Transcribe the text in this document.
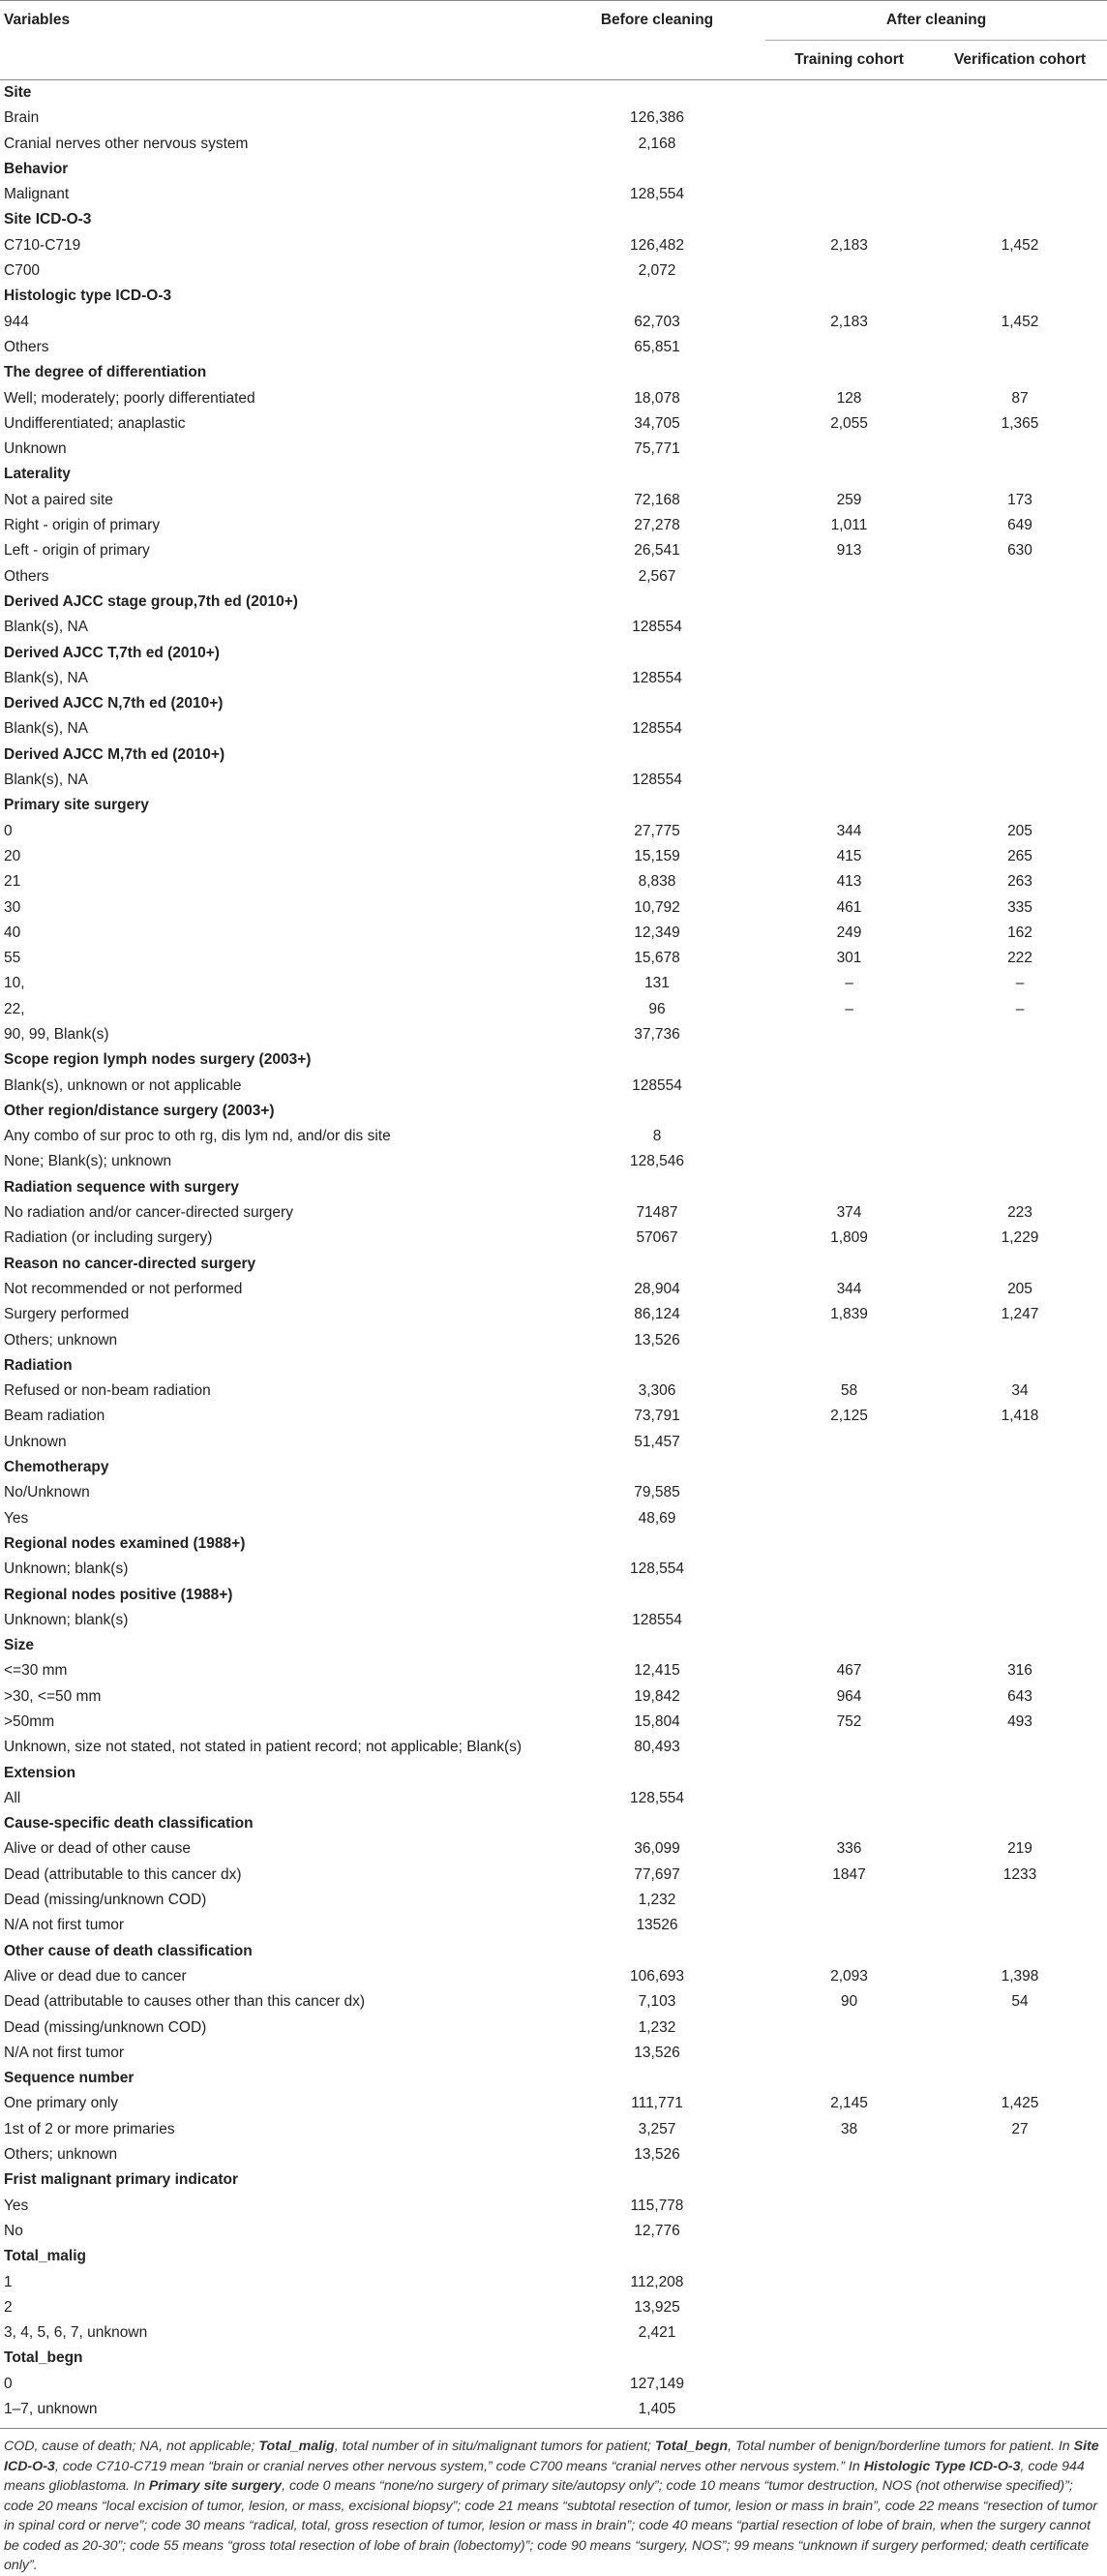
Variables	Before cleaning	After cleaning	
		Training cohort	Verification cohort
Site			
Brain	126,386		
Cranial nerves other nervous system	2,168		
Behavior			
Malignant	128,554		
Site ICD-O-3			
C710-C719	126,482	2,183	1,452
C700	2,072		
Histologic type ICD-O-3			
944	62,703	2,183	1,452
Others	65,851		
The degree of differentiation			
Well; moderately; poorly differentiated	18,078	128	87
Undifferentiated; anaplastic	34,705	2,055	1,365
Unknown	75,771		
Laterality			
Not a paired site	72,168	259	173
Right - origin of primary	27,278	1,011	649
Left - origin of primary	26,541	913	630
Others	2,567		
Derived AJCC stage group,7th ed (2010+)			
Blank(s), NA	128554		
Derived AJCC T,7th ed (2010+)			
Blank(s), NA	128554		
Derived AJCC N,7th ed (2010+)			
Blank(s), NA	128554		
Derived AJCC M,7th ed (2010+)			
Blank(s), NA	128554		
Primary site surgery			
0	27,775	344	205
20	15,159	415	265
21	8,838	413	263
30	10,792	461	335
40	12,349	249	162
55	15,678	301	222
10,	131	–	–
22,	96	–	–
90, 99, Blank(s)	37,736		
Scope region lymph nodes surgery (2003+)			
Blank(s), unknown or not applicable	128554		
Other region/distance surgery (2003+)			
Any combo of sur proc to oth rg, dis lym nd, and/or dis site	8		
None; Blank(s); unknown	128,546		
Radiation sequence with surgery			
No radiation and/or cancer-directed surgery	71487	374	223
Radiation (or including surgery)	57067	1,809	1,229
Reason no cancer-directed surgery			
Not recommended or not performed	28,904	344	205
Surgery performed	86,124	1,839	1,247
Others; unknown	13,526		
Radiation			
Refused or non-beam radiation	3,306	58	34
Beam radiation	73,791	2,125	1,418
Unknown	51,457		
Chemotherapy			
No/Unknown	79,585		
Yes	48,69		
Regional nodes examined (1988+)			
Unknown; blank(s)	128,554		
Regional nodes positive (1988+)			
Unknown; blank(s)	128554		
Size			
<=30 mm	12,415	467	316
>30, <=50 mm	19,842	964	643
>50mm	15,804	752	493
Unknown, size not stated, not stated in patient record; not applicable; Blank(s)	80,493		
Extension			
All	128,554		
Cause-specific death classification			
Alive or dead of other cause	36,099	336	219
Dead (attributable to this cancer dx)	77,697	1847	1233
Dead (missing/unknown COD)	1,232		
N/A not first tumor	13526		
Other cause of death classification			
Alive or dead due to cancer	106,693	2,093	1,398
Dead (attributable to causes other than this cancer dx)	7,103	90	54
Dead (missing/unknown COD)	1,232		
N/A not first tumor	13,526		
Sequence number			
One primary only	111,771	2,145	1,425
1st of 2 or more primaries	3,257	38	27
Others; unknown	13,526		
Frist malignant primary indicator			
Yes	115,778		
No	12,776		
Total_malig			
1	112,208		
2	13,925		
3, 4, 5, 6, 7, unknown	2,421		
Total_begn			
0	127,149		
1–7, unknown	1,405		
COD, cause of death; NA, not applicable; Total_malig, total number of in situ/malignant tumors for patient; Total_begn, Total number of benign/borderline tumors for patient. In Site ICD-O-3, code C710-C719 mean “brain or cranial nerves other nervous system,” code C700 means “cranial nerves other nervous system.” In Histologic Type ICD-O-3, code 944 means glioblastoma. In Primary site surgery, code 0 means “none/no surgery of primary site/autopsy only”; code 10 means “tumor destruction, NOS (not otherwise specified)”; code 20 means “local excision of tumor, lesion, or mass, excisional biopsy”; code 21 means “subtotal resection of tumor, lesion or mass in brain”, code 22 means “resection of tumor in spinal cord or nerve”; code 30 means “radical, total, gross resection of tumor, lesion or mass in brain”; code 40 means “partial resection of lobe of brain, when the surgery cannot be coded as 20-30”; code 55 means “gross total resection of lobe of brain (lobectomy)”; code 90 means “surgery, NOS”; 99 means “unknown if surgery performed; death certificate only”.
